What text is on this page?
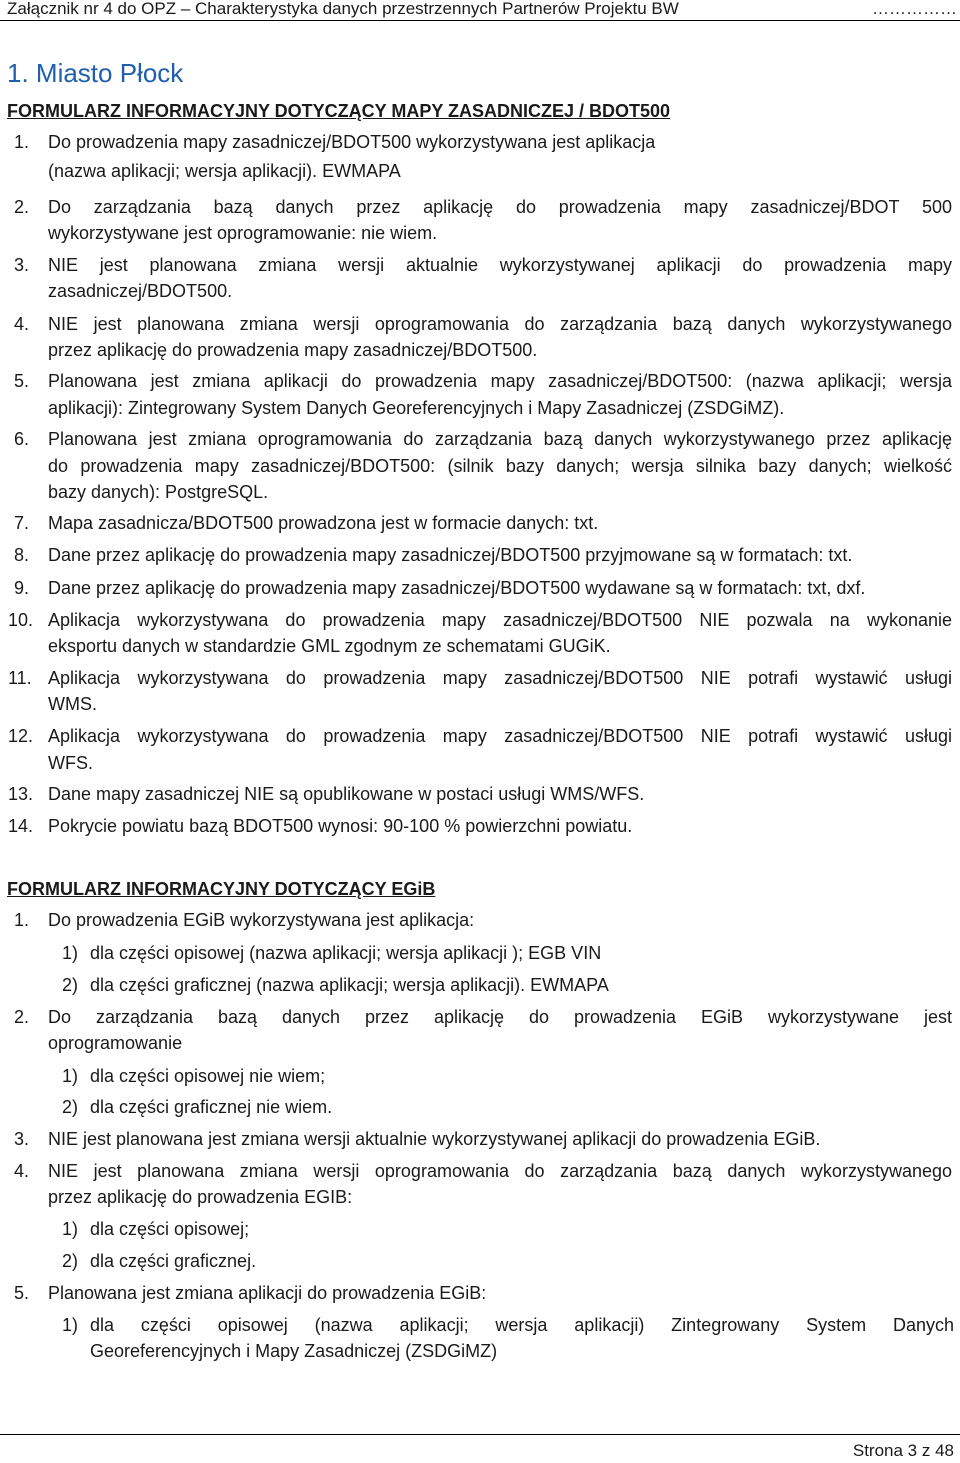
Załącznik nr 4 do OPZ – Charakterystyka danych przestrzennych Partnerów Projektu BW	……………
1. Miasto Płock
FORMULARZ INFORMACYJNY DOTYCZĄCY MAPY ZASADNICZEJ / BDOT500
1. Do prowadzenia mapy zasadniczej/BDOT500 wykorzystywana jest aplikacja
(nazwa aplikacji; wersja aplikacji). EWMAPA
2. Do zarządzania bazą danych przez aplikację do prowadzenia mapy zasadniczej/BDOT 500
wykorzystywane jest oprogramowanie: nie wiem.
3. NIE jest planowana zmiana wersji aktualnie wykorzystywanej aplikacji do prowadzenia mapy
zasadniczej/BDOT500.
4. NIE jest planowana zmiana wersji oprogramowania do zarządzania bazą danych wykorzystywanego
przez aplikację do prowadzenia mapy zasadniczej/BDOT500.
5. Planowana jest zmiana aplikacji do prowadzenia mapy zasadniczej/BDOT500: (nazwa aplikacji; wersja
aplikacji): Zintegrowany System Danych Georeferencyjnych i Mapy Zasadniczej (ZSDGiMZ).
6. Planowana jest zmiana oprogramowania do zarządzania bazą danych wykorzystywanego przez aplikację
do prowadzenia mapy zasadniczej/BDOT500: (silnik bazy danych; wersja silnika bazy danych; wielkość
bazy danych): PostgreSQL.
7. Mapa zasadnicza/BDOT500 prowadzona jest w formacie danych: txt.
8. Dane przez aplikację do prowadzenia mapy zasadniczej/BDOT500 przyjmowane są w formatach: txt.
9. Dane przez aplikację do prowadzenia mapy zasadniczej/BDOT500 wydawane są w formatach: txt, dxf.
10. Aplikacja wykorzystywana do prowadzenia mapy zasadniczej/BDOT500 NIE pozwala na wykonanie
eksportu danych w standardzie GML zgodnym ze schematami GUGiK.
11. Aplikacja wykorzystywana do prowadzenia mapy zasadniczej/BDOT500 NIE potrafi wystawić usługi
WMS.
12. Aplikacja wykorzystywana do prowadzenia mapy zasadniczej/BDOT500 NIE potrafi wystawić usługi
WFS.
13. Dane mapy zasadniczej NIE są opublikowane w postaci usługi WMS/WFS.
14. Pokrycie powiatu bazą BDOT500 wynosi: 90-100 % powierzchni powiatu.
FORMULARZ INFORMACYJNY DOTYCZĄCY EGiB
1. Do prowadzenia EGiB wykorzystywana jest aplikacja:
1) dla części opisowej (nazwa aplikacji; wersja aplikacji ); EGB VIN
2) dla części graficznej (nazwa aplikacji; wersja aplikacji). EWMAPA
2. Do zarządzania bazą danych przez aplikację do prowadzenia EGiB wykorzystywane jest
oprogramowanie
1) dla części opisowej nie wiem;
2) dla części graficznej nie wiem.
3. NIE jest planowana jest zmiana wersji aktualnie wykorzystywanej aplikacji do prowadzenia EGiB.
4. NIE jest planowana zmiana wersji oprogramowania do zarządzania bazą danych wykorzystywanego
przez aplikację do prowadzenia EGIB:
1) dla części opisowej;
2) dla części graficznej.
5. Planowana jest zmiana aplikacji do prowadzenia EGiB:
1) dla części opisowej (nazwa aplikacji; wersja aplikacji) Zintegrowany System Danych
Georeferencyjnych i Mapy Zasadniczej (ZSDGiMZ)
Strona 3 z 48
